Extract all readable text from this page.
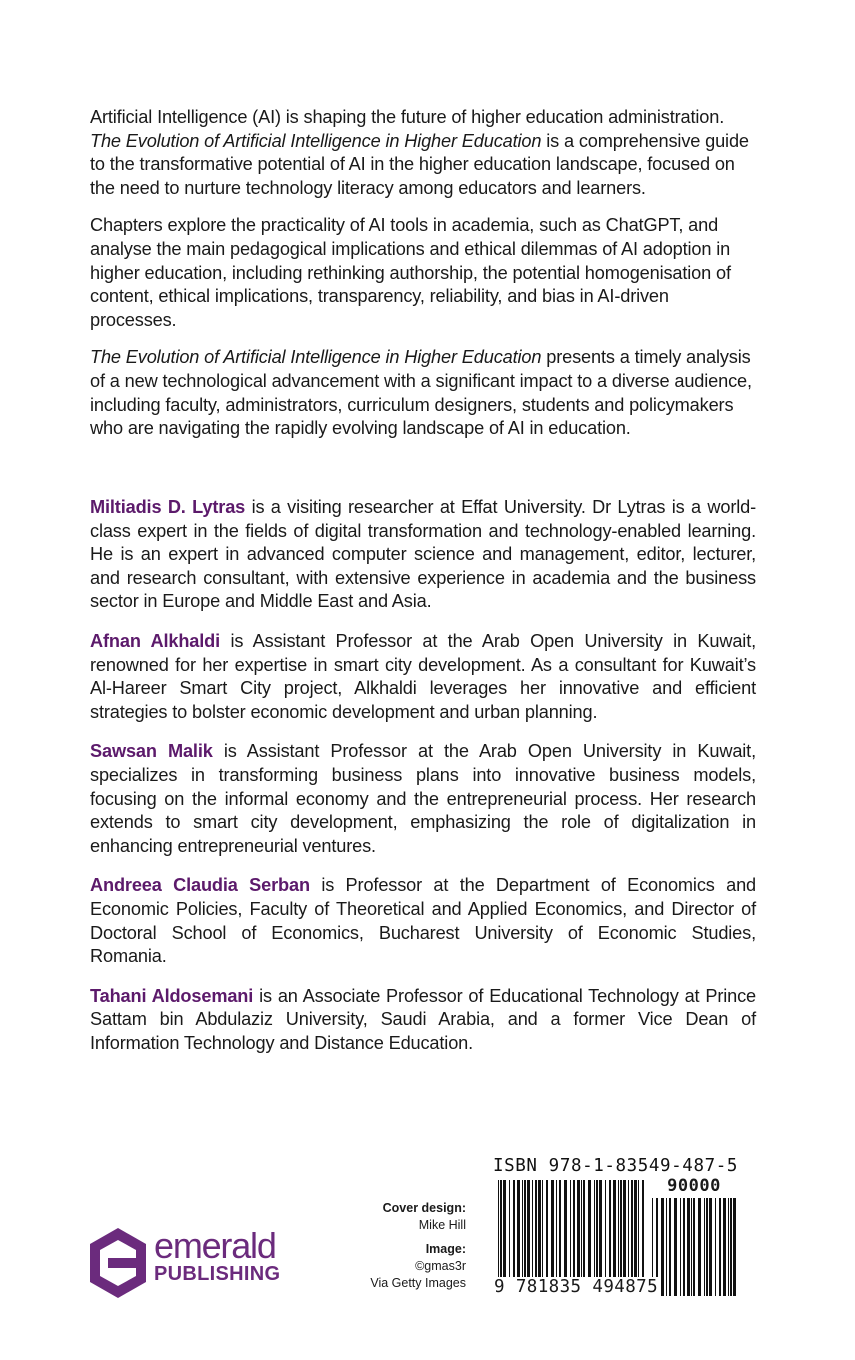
Artificial Intelligence (AI) is shaping the future of higher education administration. The Evolution of Artificial Intelligence in Higher Education is a comprehensive guide to the transformative potential of AI in the higher education landscape, focused on the need to nurture technology literacy among educators and learners.

Chapters explore the practicality of AI tools in academia, such as ChatGPT, and analyse the main pedagogical implications and ethical dilemmas of AI adoption in higher education, including rethinking authorship, the potential homogenisation of content, ethical implications, transparency, reliability, and bias in AI-driven processes.

The Evolution of Artificial Intelligence in Higher Education presents a timely analysis of a new technological advancement with a significant impact to a diverse audience, including faculty, administrators, curriculum designers, students and policymakers who are navigating the rapidly evolving landscape of AI in education.

Miltiadis D. Lytras is a visiting researcher at Effat University. Dr Lytras is a world-class expert in the fields of digital transformation and technology-enabled learning. He is an expert in advanced computer science and management, editor, lecturer, and research consultant, with extensive experience in academia and the business sector in Europe and Middle East and Asia.

Afnan Alkhaldi is Assistant Professor at the Arab Open University in Kuwait, renowned for her expertise in smart city development. As a consultant for Kuwait’s Al-Hareer Smart City project, Alkhaldi leverages her innovative and efficient strategies to bolster economic development and urban planning.

Sawsan Malik is Assistant Professor at the Arab Open University in Kuwait, specializes in transforming business plans into innovative business models, focusing on the informal economy and the entrepreneurial process. Her research extends to smart city development, emphasizing the role of digitalization in enhancing entrepreneurial ventures.

Andreea Claudia Serban is Professor at the Department of Economics and Economic Policies, Faculty of Theoretical and Applied Economics, and Director of Doctoral School of Economics, Bucharest University of Economic Studies, Romania.

Tahani Aldosemani is an Associate Professor of Educational Technology at Prince Sattam bin Abdulaziz University, Saudi Arabia, and a former Vice Dean of Information Technology and Distance Education.

emerald
PUBLISHING
Cover design:
Mike Hill
Image:
©gmas3r
Via Getty Images
ISBN 978-1-83549-487-5
90000
9 781835 494875
